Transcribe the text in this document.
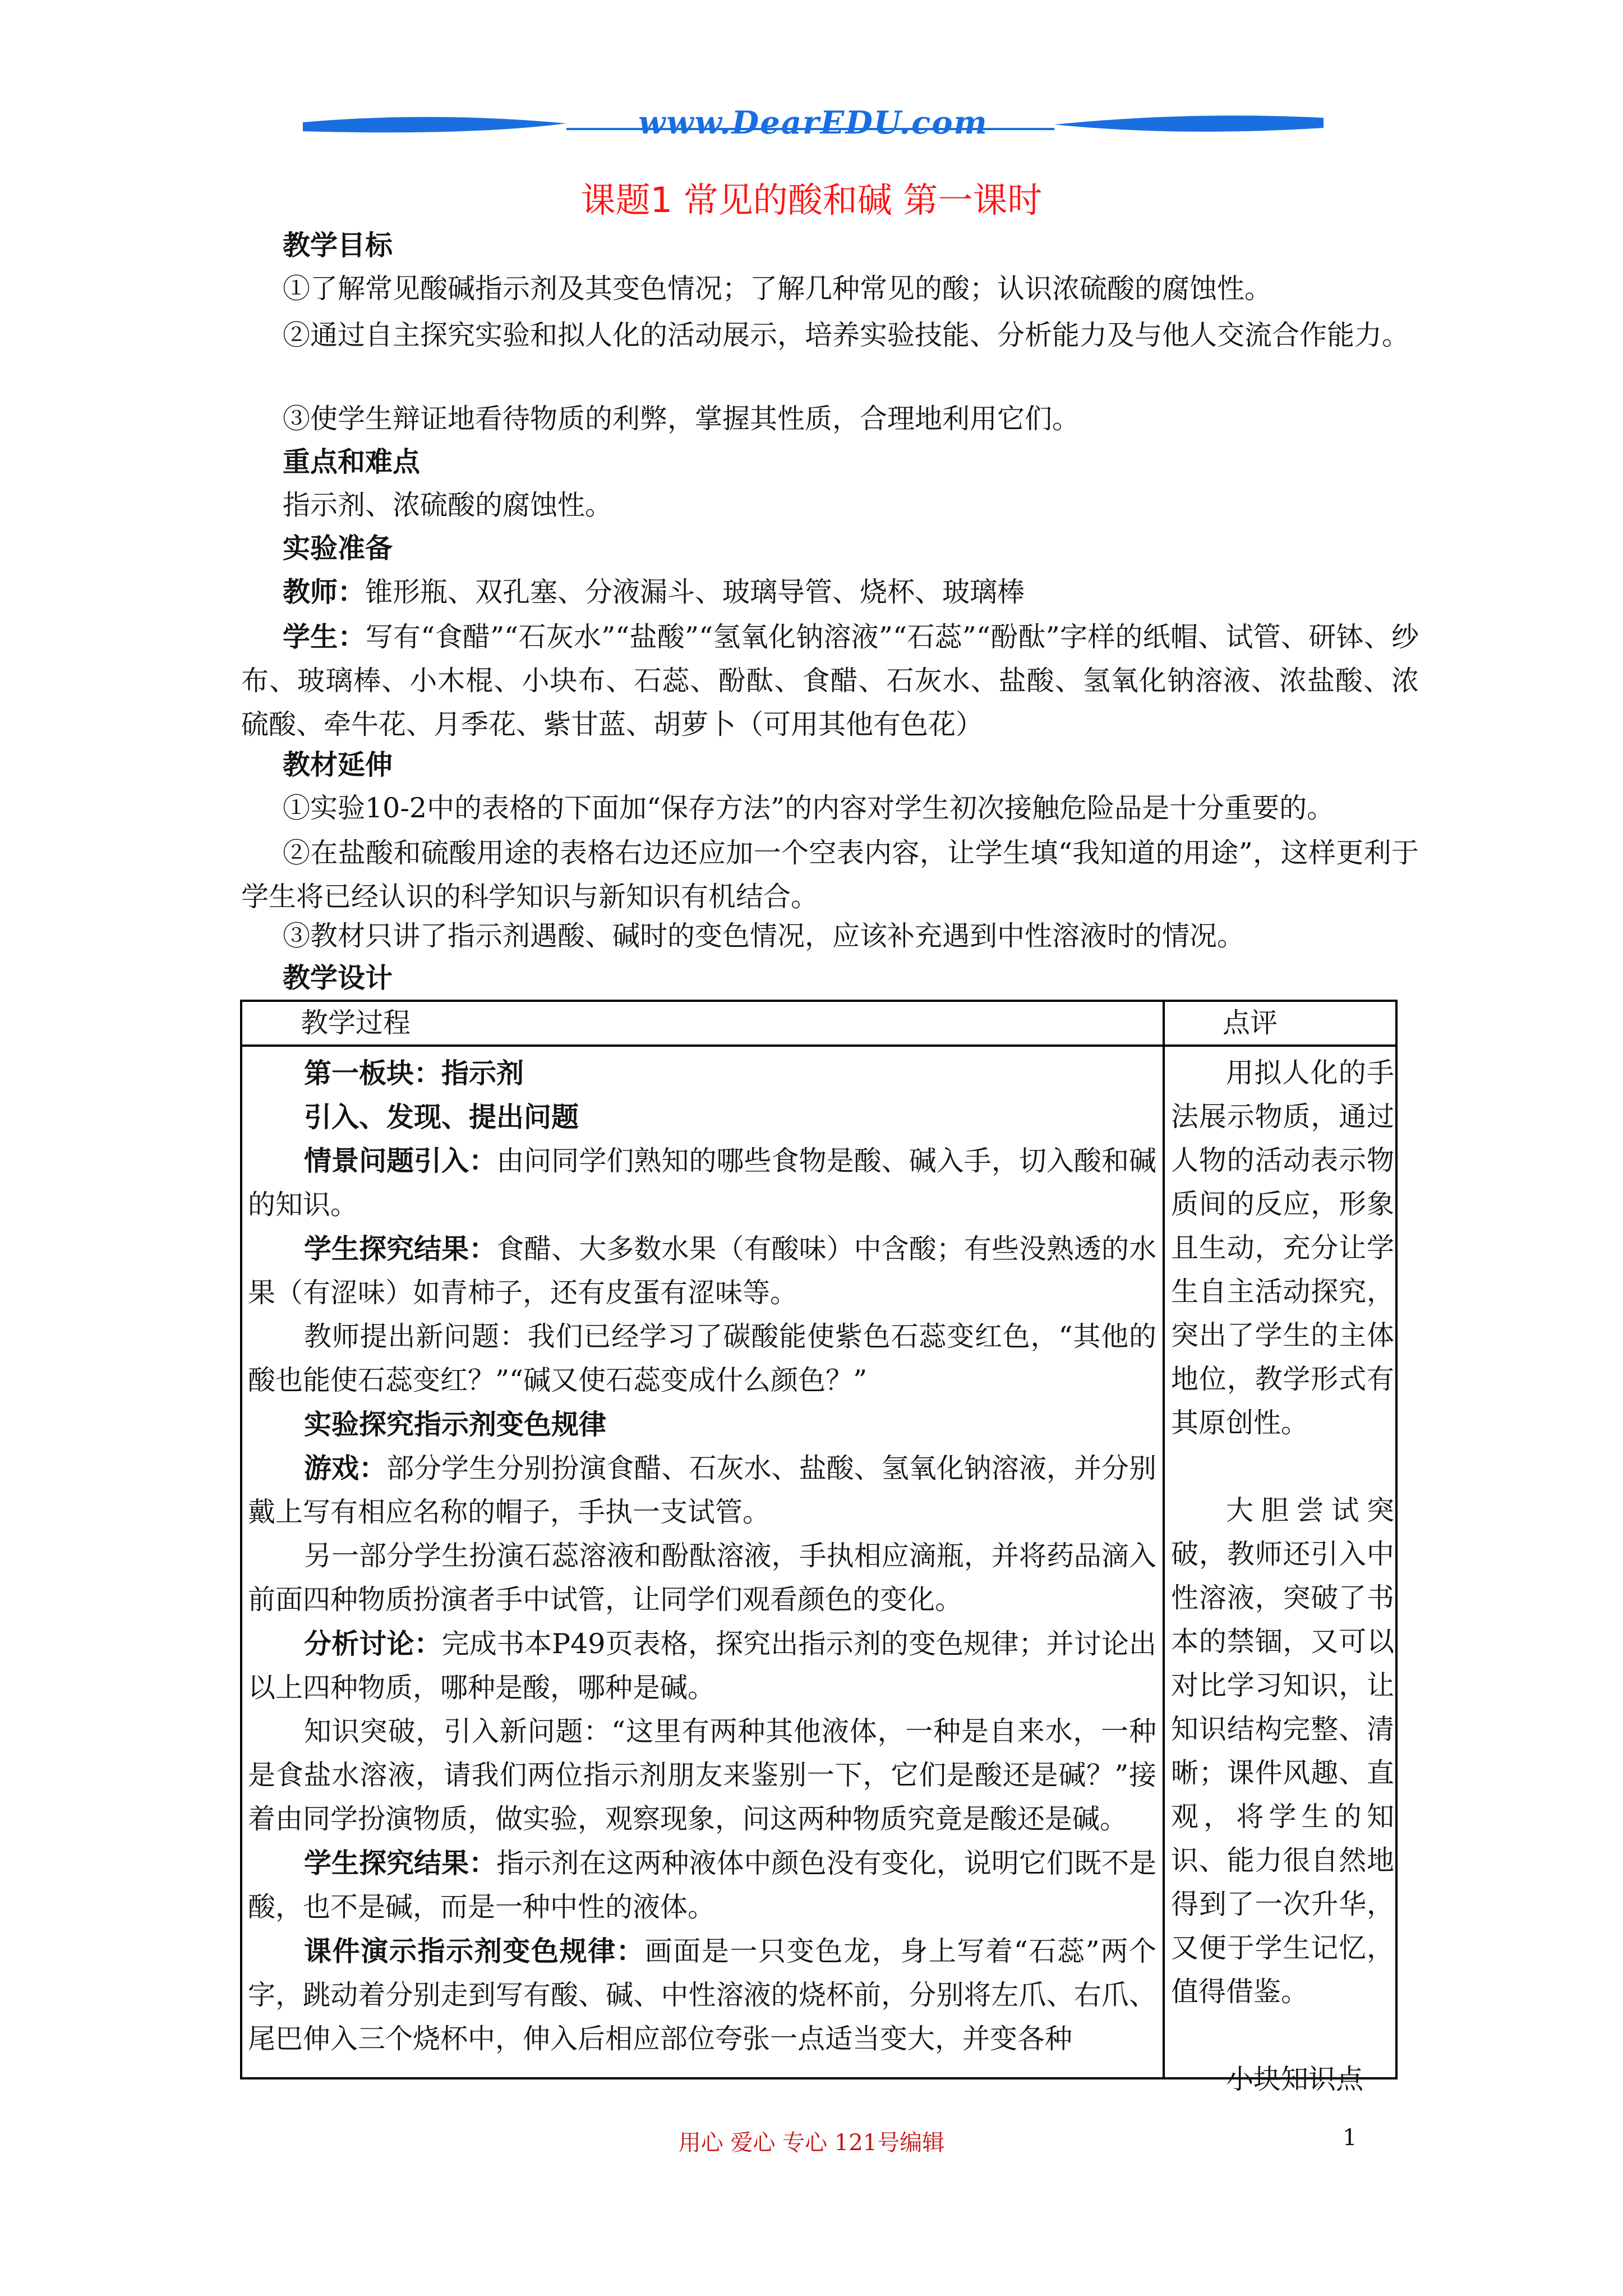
www.DearEDU.com
课题1 常见的酸和碱 第一课时
教学目标
①了解常见酸碱指示剂及其变色情况；了解几种常见的酸；认识浓硫酸的腐蚀性。
②通过自主探究实验和拟人化的活动展示，培养实验技能、分析能力及与他人交流合作能力。
③使学生辩证地看待物质的利弊，掌握其性质，合理地利用它们。
重点和难点
指示剂、浓硫酸的腐蚀性。
实验准备
教师：锥形瓶、双孔塞、分液漏斗、玻璃导管、烧杯、玻璃棒
学生：写有“食醋”“石灰水”“盐酸”“氢氧化钠溶液”“石蕊”“酚酞”字样的纸帽、试管、研钵、纱布、玻璃棒、小木棍、小块布、石蕊、酚酞、食醋、石灰水、盐酸、氢氧化钠溶液、浓盐酸、浓硫酸、牵牛花、月季花、紫甘蓝、胡萝卜（可用其他有色花）
教材延伸
①实验10-2中的表格的下面加“保存方法”的内容对学生初次接触危险品是十分重要的。
②在盐酸和硫酸用途的表格右边还应加一个空表内容，让学生填“我知道的用途”，这样更利于学生将已经认识的科学知识与新知识有机结合。
③教材只讲了指示剂遇酸、碱时的变色情况，应该补充遇到中性溶液时的情况。
教学设计
教学过程	点评

第一板块：指示剂

引入、发现、提出问题

情景问题引入：由问同学们熟知的哪些食物是酸、碱入手，切入酸和碱的知识。

学生探究结果：食醋、大多数水果（有酸味）中含酸；有些没熟透的水果（有涩味）如青柿子，还有皮蛋有涩味等。

教师提出新问题：我们已经学习了碳酸能使紫色石蕊变红色，“其他的酸也能使石蕊变红？”“碱又使石蕊变成什么颜色？”

实验探究指示剂变色规律

游戏：部分学生分别扮演食醋、石灰水、盐酸、氢氧化钠溶液，并分别戴上写有相应名称的帽子，手执一支试管。

另一部分学生扮演石蕊溶液和酚酞溶液，手执相应滴瓶，并将药品滴入前面四种物质扮演者手中试管，让同学们观看颜色的变化。

分析讨论：完成书本P49页表格，探究出指示剂的变色规律；并讨论出以上四种物质，哪种是酸，哪种是碱。

知识突破，引入新问题：“这里有两种其他液体，一种是自来水，一种是食盐水溶液，请我们两位指示剂朋友来鉴别一下，它们是酸还是碱？”接着由同学扮演物质，做实验，观察现象，问这两种物质究竟是酸还是碱。

学生探究结果：指示剂在这两种液体中颜色没有变化，说明它们既不是酸，也不是碱，而是一种中性的液体。

课件演示指示剂变色规律：画面是一只变色龙，身上写着“石蕊”两个字，跳动着分别走到写有酸、碱、中性溶液的烧杯前，分别将左爪、右爪、尾巴伸入三个烧杯中，伸入后相应部位夸张一点适当变大，并变各种

用拟人化的手法展示物质，通过人物的活动表示物质间的反应，形象且生动，充分让学生自主活动探究，突出了学生的主体地位，教学形式有其原创性。

大胆尝试突破，教师还引入中性溶液，突破了书本的禁锢，又可以对比学习知识，让知识结构完整、清晰；课件风趣、直观，将学生的知识、能力很自然地得到了一次升华，又便于学生记忆，值得借鉴。

小块知识点

用心 爱心 专心 121号编辑	1
